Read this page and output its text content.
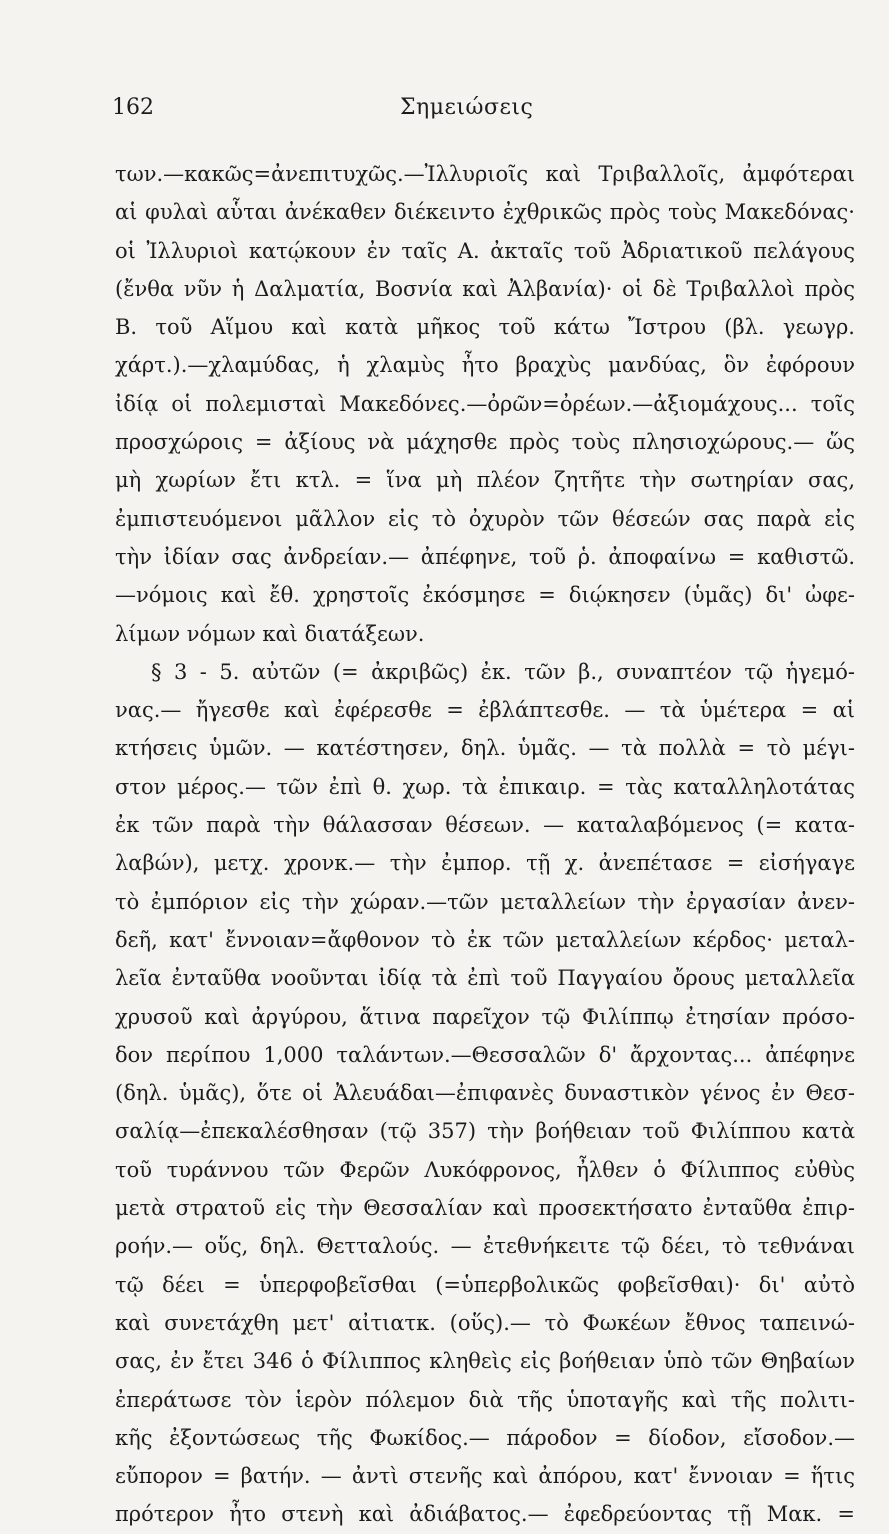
162	Σημειώσεις
των.—κακῶς=ἀνεπιτυχῶς.—Ἰλλυριοῖς καὶ Τριβαλλοῖς, ἀμφότεραι
αἱ φυλαὶ αὗται ἀνέκαθεν διέκειντο ἐχθρικῶς πρὸς τοὺς Μακεδόνας·
οἱ Ἰλλυριοὶ κατῴκουν ἐν ταῖς Α. ἀκταῖς τοῦ Ἀδριατικοῦ πελάγους
(ἔνθα νῦν ἡ Δαλματία, Βοσνία καὶ Ἀλβανία)· οἱ δὲ Τριβαλλοὶ πρὸς
Β. τοῦ Αἵμου καὶ κατὰ μῆκος τοῦ κάτω Ἴστρου (βλ. γεωγρ.
χάρτ.).—χλαμύδας, ἡ χλαμὺς ἦτο βραχὺς μανδύας, ὃν ἐφόρουν
ἰδίᾳ οἱ πολεμισταὶ Μακεδόνες.—ὀρῶν=ὀρέων.—ἀξιομάχους... τοῖς
προσχώροις = ἀξίους νὰ μάχησθε πρὸς τοὺς πλησιοχώρους.— ὥς
μὴ χωρίων ἔτι κτλ. = ἵνα μὴ πλέον ζητῆτε τὴν σωτηρίαν σας,
ἐμπιστευόμενοι μᾶλλον εἰς τὸ ὀχυρὸν τῶν θέσεών σας παρὰ εἰς
τὴν ἰδίαν σας ἀνδρείαν.— ἀπέφηνε, τοῦ ῥ. ἀποφαίνω = καθιστῶ.
—νόμοις καὶ ἔθ. χρηστοῖς ἐκόσμησε = διῴκησεν (ὑμᾶς) δι' ὠφε-
λίμων νόμων καὶ διατάξεων.
§ 3 - 5. αὐτῶν (= ἀκριβῶς) ἐκ. τῶν β., συναπτέον τῷ ἡγεμό-
νας.— ἤγεσθε καὶ ἐφέρεσθε = ἐβλάπτεσθε. — τὰ ὑμέτερα = αἱ
κτήσεις ὑμῶν. — κατέστησεν, δηλ. ὑμᾶς. — τὰ πολλὰ = τὸ μέγι-
στον μέρος.— τῶν ἐπὶ θ. χωρ. τὰ ἐπικαιρ. = τὰς καταλληλοτάτας
ἐκ τῶν παρὰ τὴν θάλασσαν θέσεων. — καταλαβόμενος (= κατα-
λαβών), μετχ. χρονκ.— τὴν ἐμπορ. τῇ χ. ἀνεπέτασε = εἰσήγαγε
τὸ ἐμπόριον εἰς τὴν χώραν.—τῶν μεταλλείων τὴν ἐργασίαν ἀνεν-
δεῆ, κατ' ἔννοιαν=ἄφθονον τὸ ἐκ τῶν μεταλλείων κέρδος· μεταλ-
λεῖα ἐνταῦθα νοοῦνται ἰδίᾳ τὰ ἐπὶ τοῦ Παγγαίου ὄρους μεταλλεῖα
χρυσοῦ καὶ ἀργύρου, ἅτινα παρεῖχον τῷ Φιλίππῳ ἐτησίαν πρόσο-
δον περίπου 1,000 ταλάντων.—Θεσσαλῶν δ' ἄρχοντας... ἀπέφηνε
(δηλ. ὑμᾶς), ὅτε οἱ Ἀλευάδαι—ἐπιφανὲς δυναστικὸν γένος ἐν Θεσ-
σαλίᾳ—ἐπεκαλέσθησαν (τῷ 357) τὴν βοήθειαν τοῦ Φιλίππου κατὰ
τοῦ τυράννου τῶν Φερῶν Λυκόφρονος, ἦλθεν ὁ Φίλιππος εὐθὺς
μετὰ στρατοῦ εἰς τὴν Θεσσαλίαν καὶ προσεκτήσατο ἐνταῦθα ἐπιρ-
ροήν.— οὕς, δηλ. Θετταλούς. — ἐτεθνήκειτε τῷ δέει, τὸ τεθνάναι
τῷ δέει = ὑπερφοβεῖσθαι (=ὑπερβολικῶς φοβεῖσθαι)· δι' αὐτὸ
καὶ συνετάχθη μετ' αἰτιατκ. (οὕς).— τὸ Φωκέων ἔθνος ταπεινώ-
σας, ἐν ἔτει 346 ὁ Φίλιππος κληθεὶς εἰς βοήθειαν ὑπὸ τῶν Θηβαίων
ἐπεράτωσε τὸν ἱερὸν πόλεμον διὰ τῆς ὑποταγῆς καὶ τῆς πολιτι-
κῆς ἐξοντώσεως τῆς Φωκίδος.— πάροδον = δίοδον, εἴσοδον.—
εὔπορον = βατήν. — ἀντὶ στενῆς καὶ ἀπόρου, κατ' ἔννοιαν = ἥτις
πρότερον ἦτο στενὴ καὶ ἀδιάβατος.— ἐφεδρεύοντας τῇ Μακ. =
